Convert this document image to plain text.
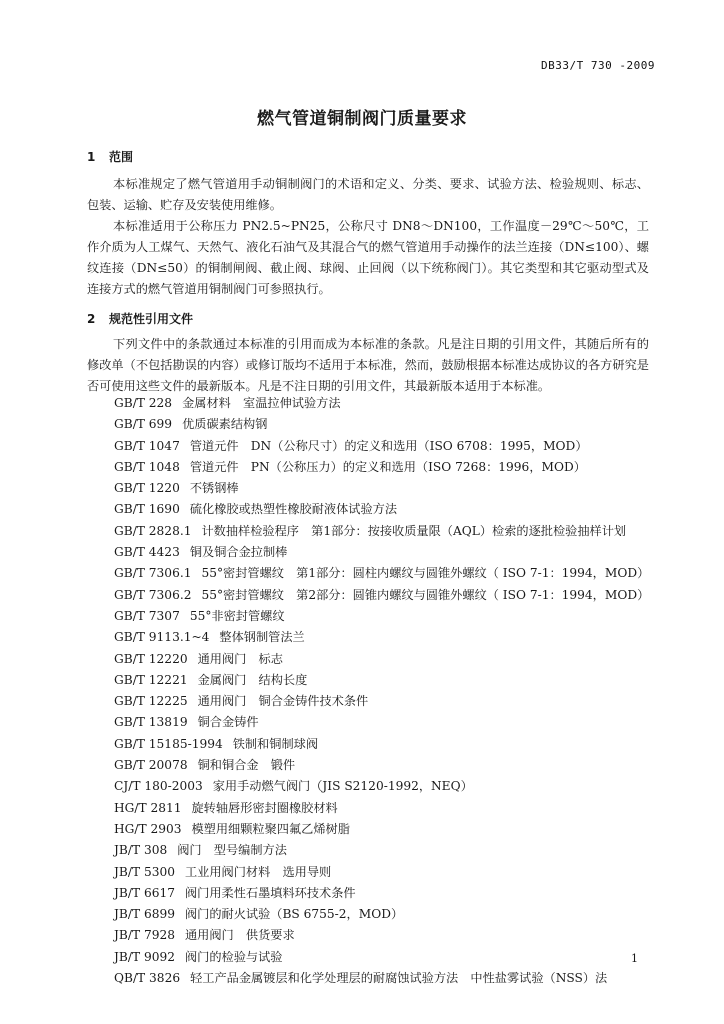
DB33/T 730 -2009
燃气管道铜制阀门质量要求
1 范围

本标准规定了燃气管道用手动铜制阀门的术语和定义、分类、要求、试验方法、检验规则、标志、包装、运输、贮存及安装使用维修。

本标准适用于公称压力 PN2.5~PN25，公称尺寸 DN8～DN100，工作温度－29℃～50℃，工作介质为人工煤气、天然气、液化石油气及其混合气的燃气管道用手动操作的法兰连接（DN≤100）、螺纹连接（DN≤50）的铜制闸阀、截止阀、球阀、止回阀（以下统称阀门）。其它类型和其它驱动型式及连接方式的燃气管道用铜制阀门可参照执行。

2 规范性引用文件

下列文件中的条款通过本标准的引用而成为本标准的条款。凡是注日期的引用文件，其随后所有的修改单（不包括勘误的内容）或修订版均不适用于本标准，然而，鼓励根据本标准达成协议的各方研究是否可使用这些文件的最新版本。凡是不注日期的引用文件，其最新版本适用于本标准。

GB/T 228 金属材料　室温拉伸试验方法
GB/T 699 优质碳素结构钢
GB/T 1047 管道元件　DN（公称尺寸）的定义和选用（ISO 6708：1995，MOD）
GB/T 1048 管道元件　PN（公称压力）的定义和选用（ISO 7268：1996，MOD）
GB/T 1220 不锈钢棒
GB/T 1690 硫化橡胶或热塑性橡胶耐液体试验方法
GB/T 2828.1 计数抽样检验程序　第1部分：按接收质量限（AQL）检索的逐批检验抽样计划
GB/T 4423 铜及铜合金拉制棒
GB/T 7306.1 55°密封管螺纹　第1部分：圆柱内螺纹与圆锥外螺纹（ ISO 7-1：1994，MOD）
GB/T 7306.2 55°密封管螺纹　第2部分：圆锥内螺纹与圆锥外螺纹（ ISO 7-1：1994，MOD）
GB/T 7307 55°非密封管螺纹
GB/T 9113.1~4 整体钢制管法兰
GB/T 12220 通用阀门　标志
GB/T 12221 金属阀门　结构长度
GB/T 12225 通用阀门　铜合金铸件技术条件
GB/T 13819 铜合金铸件
GB/T 15185-1994 铁制和铜制球阀
GB/T 20078 铜和铜合金　锻件
CJ/T 180-2003 家用手动燃气阀门（JIS S2120-1992，NEQ）
HG/T 2811 旋转轴唇形密封圈橡胶材料
HG/T 2903 模塑用细颗粒聚四氟乙烯树脂
JB/T 308 阀门　型号编制方法
JB/T 5300 工业用阀门材料　选用导则
JB/T 6617 阀门用柔性石墨填料环技术条件
JB/T 6899 阀门的耐火试验（BS 6755-2，MOD）
JB/T 7928 通用阀门　供货要求
JB/T 9092 阀门的检验与试验
QB/T 3826 轻工产品金属镀层和化学处理层的耐腐蚀试验方法　中性盐雾试验（NSS）法
1
